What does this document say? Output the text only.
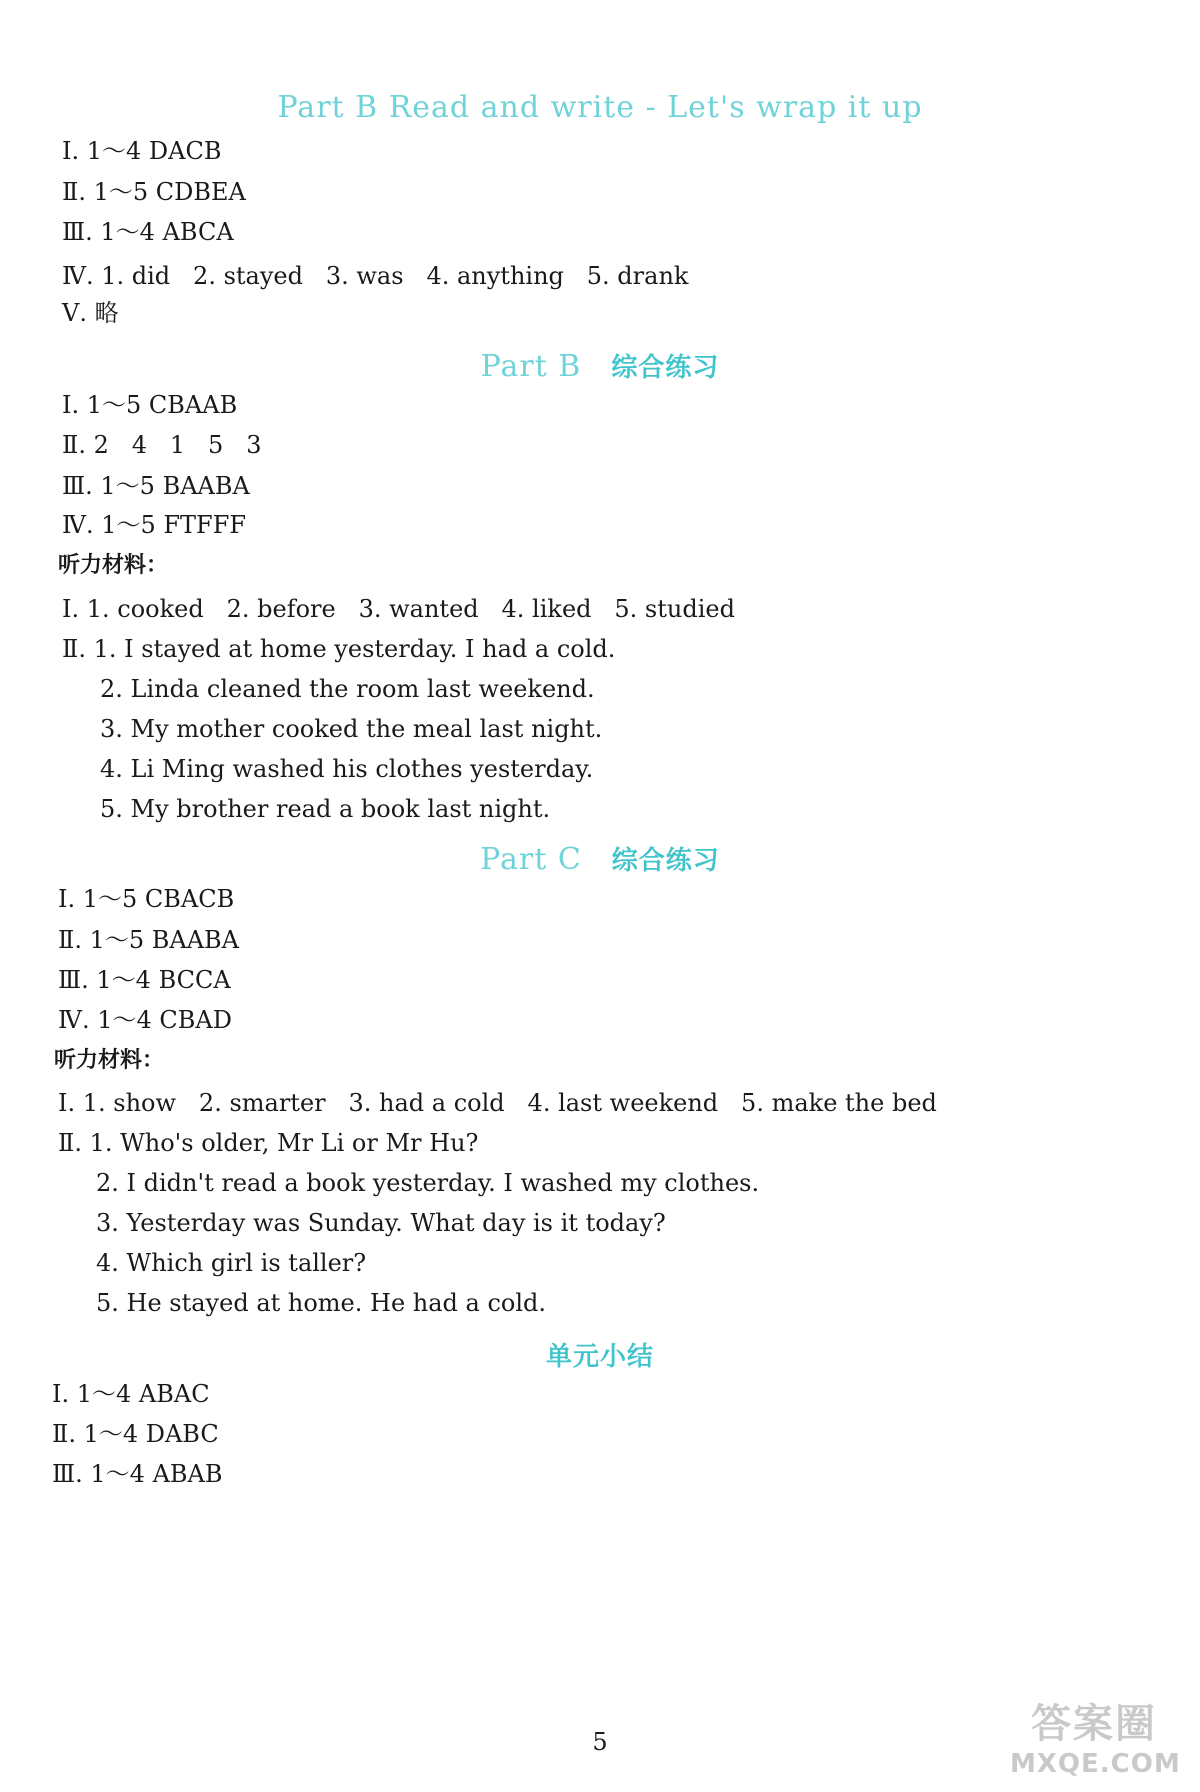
Part B Read and write - Let's wrap it up
Ⅰ. 1～4 DACB
Ⅱ. 1～5 CDBEA
Ⅲ. 1～4 ABCA
Ⅳ. 1. did   2. stayed   3. was   4. anything   5. drank
Ⅴ. 略
Part B 综合练习
Ⅰ. 1～5 CBAAB
Ⅱ. 2   4   1   5   3
Ⅲ. 1～5 BAABA
Ⅳ. 1～5 FTFFF
听力材料：
Ⅰ. 1. cooked   2. before   3. wanted   4. liked   5. studied
Ⅱ. 1. I stayed at home yesterday. I had a cold.
2. Linda cleaned the room last weekend.
3. My mother cooked the meal last night.
4. Li Ming washed his clothes yesterday.
5. My brother read a book last night.
Part C 综合练习
Ⅰ. 1～5 CBACB
Ⅱ. 1～5 BAABA
Ⅲ. 1～4 BCCA
Ⅳ. 1～4 CBAD
听力材料：
Ⅰ. 1. show   2. smarter   3. had a cold   4. last weekend   5. make the bed
Ⅱ. 1. Who's older, Mr Li or Mr Hu?
2. I didn't read a book yesterday. I washed my clothes.
3. Yesterday was Sunday. What day is it today?
4. Which girl is taller?
5. He stayed at home. He had a cold.
单元小结
Ⅰ. 1～4 ABAC
Ⅱ. 1～4 DABC
Ⅲ. 1～4 ABAB
5	答案圈
MXQE.COM
